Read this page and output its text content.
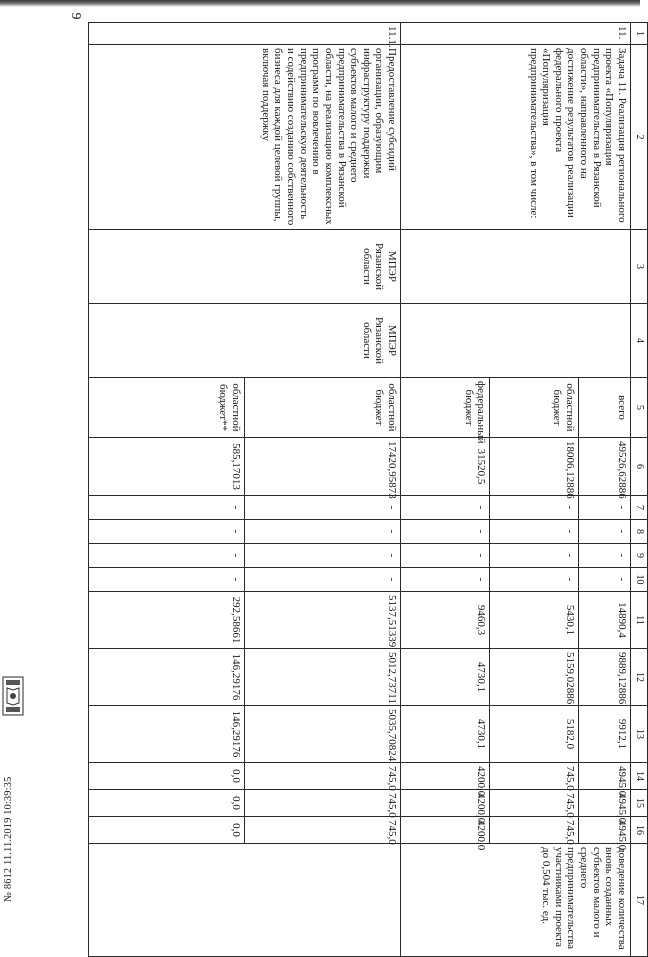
9
1	2	3	4	5	6	7	8	9	10	11	12	13	14	15	16	17
11.	Задача 11. Реализация регионального проекта «Популяризация предпринимательства в Рязанской области», направленного на достижение результатов реализации федерального проекта «Популяризация предпринимательства», в том числе:			всего	49526,62886	-	-	-	-	14890,4	9889,12886	9912,1	4945,0	4945,0	4945,0	доведение количества вновь созданных субъектов малого и среднего предпринимательства участниками проекта до 0,504 тыс. ед.
				областной бюджет	18006,12886	-	-	-	-	5430,1	5159,02886	5182,0	745,0	745,0	745,0	
				федеральный бюджет	31520,5	-	-	-	-	9460,3	4730,1	4730,1	4200,0	4200,0	4200,0	
11.1.	Предоставление субсидий организации, образующим инфраструктуру поддержки субъектов малого и среднего предпринимательства в Рязанской области, на реализацию комплексных программ по вовлечению в предпринимательскую деятельность и содействию созданию собственного бизнеса для каждой целевой группы, включая поддержку	МПЭР Рязанской области	МПЭР Рязанской области	областной бюджет	17420,95873	-	-	-	-	5137,51339	5012,73711	5035,70824	745,0	745,0	745,0	
				областной бюджет**	585,17013	-	-	-	-	292,58661	146,29176	146,29176	0,0	0,0	0,0	
№ 8612 11.11.2019 10:39:35
